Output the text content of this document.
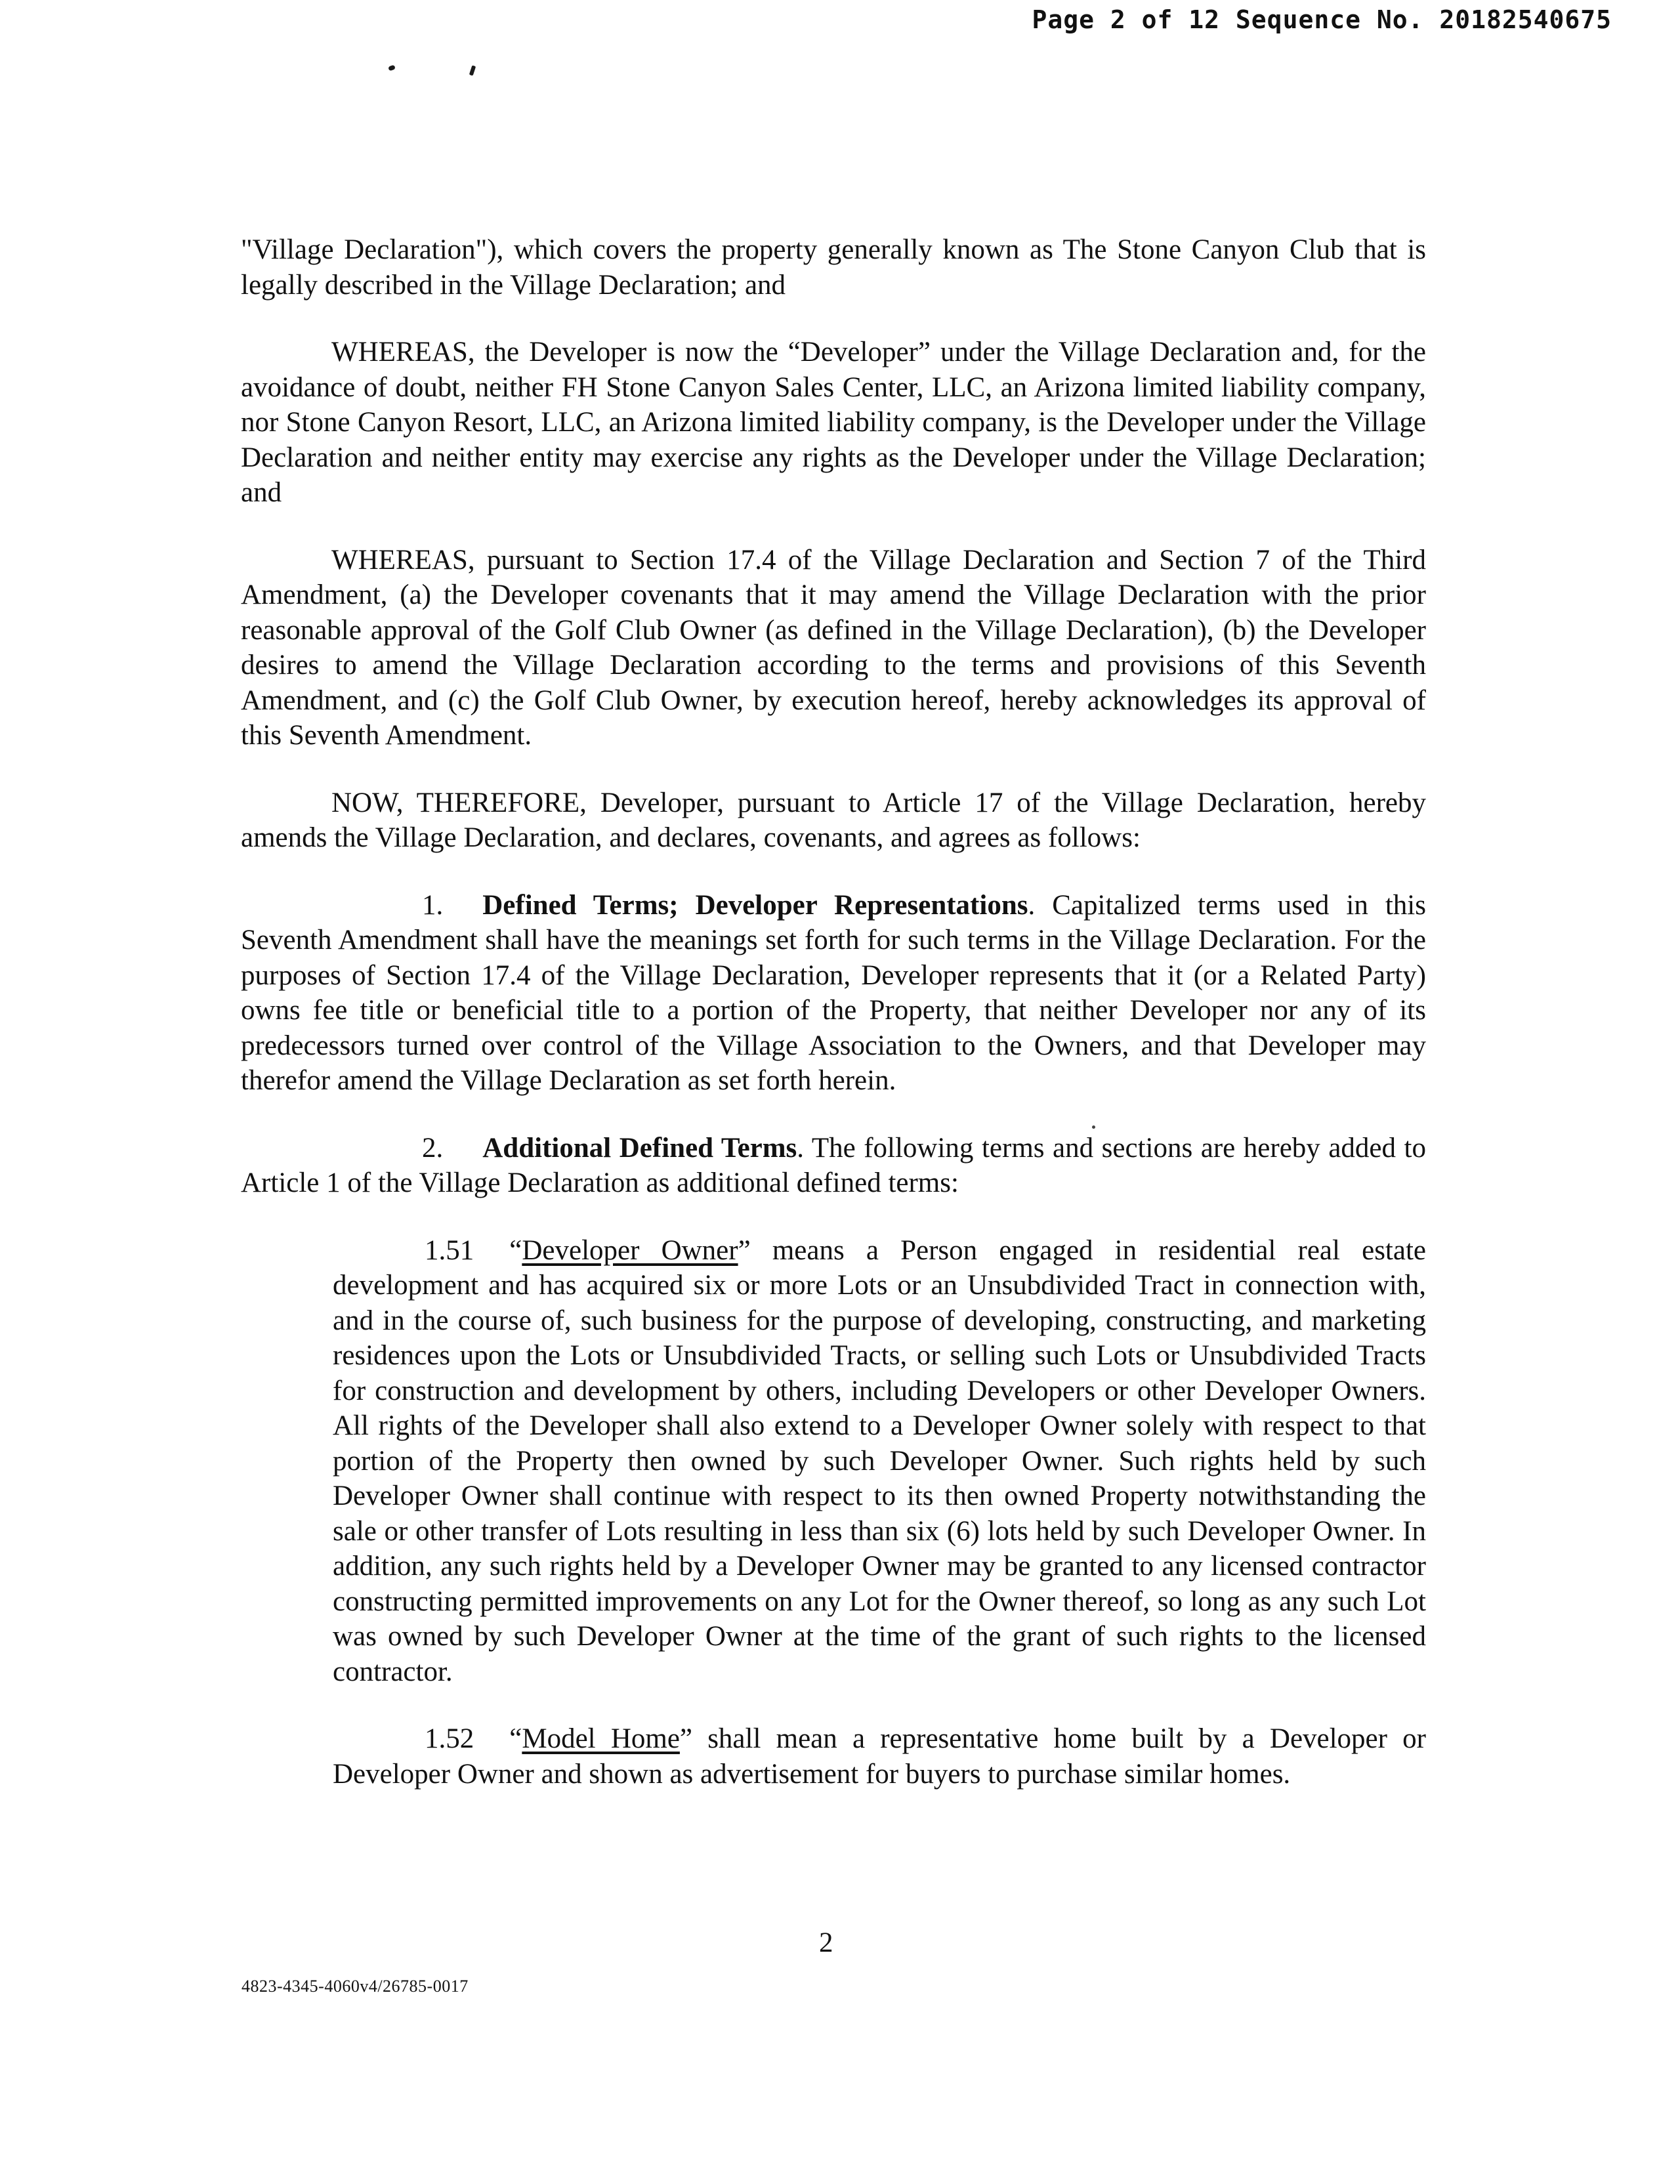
Page 2 of 12 Sequence No. 20182540675

"Village Declaration"), which covers the property generally known as The Stone Canyon Club that is legally described in the Village Declaration; and

WHEREAS, the Developer is now the “Developer” under the Village Declaration and, for the avoidance of doubt, neither FH Stone Canyon Sales Center, LLC, an Arizona limited liability company, nor Stone Canyon Resort, LLC, an Arizona limited liability company, is the Developer under the Village Declaration and neither entity may exercise any rights as the Developer under the Village Declaration; and

WHEREAS, pursuant to Section 17.4 of the Village Declaration and Section 7 of the Third Amendment, (a) the Developer covenants that it may amend the Village Declaration with the prior reasonable approval of the Golf Club Owner (as defined in the Village Declaration), (b) the Developer desires to amend the Village Declaration according to the terms and provisions of this Seventh Amendment, and (c) the Golf Club Owner, by execution hereof, hereby acknowledges its approval of this Seventh Amendment.

NOW, THEREFORE, Developer, pursuant to Article 17 of the Village Declaration, hereby amends the Village Declaration, and declares, covenants, and agrees as follows:

1. Defined Terms; Developer Representations. Capitalized terms used in this Seventh Amendment shall have the meanings set forth for such terms in the Village Declaration. For the purposes of Section 17.4 of the Village Declaration, Developer represents that it (or a Related Party) owns fee title or beneficial title to a portion of the Property, that neither Developer nor any of its predecessors turned over control of the Village Association to the Owners, and that Developer may therefor amend the Village Declaration as set forth herein.

2. Additional Defined Terms. The following terms and sections are hereby added to Article 1 of the Village Declaration as additional defined terms:

1.51 “Developer Owner” means a Person engaged in residential real estate development and has acquired six or more Lots or an Unsubdivided Tract in connection with, and in the course of, such business for the purpose of developing, constructing, and marketing residences upon the Lots or Unsubdivided Tracts, or selling such Lots or Unsubdivided Tracts for construction and development by others, including Developers or other Developer Owners. All rights of the Developer shall also extend to a Developer Owner solely with respect to that portion of the Property then owned by such Developer Owner. Such rights held by such Developer Owner shall continue with respect to its then owned Property notwithstanding the sale or other transfer of Lots resulting in less than six (6) lots held by such Developer Owner. In addition, any such rights held by a Developer Owner may be granted to any licensed contractor constructing permitted improvements on any Lot for the Owner thereof, so long as any such Lot was owned by such Developer Owner at the time of the grant of such rights to the licensed contractor.

1.52 “Model Home” shall mean a representative home built by a Developer or Developer Owner and shown as advertisement for buyers to purchase similar homes.

2
4823-4345-4060v4/26785-0017
